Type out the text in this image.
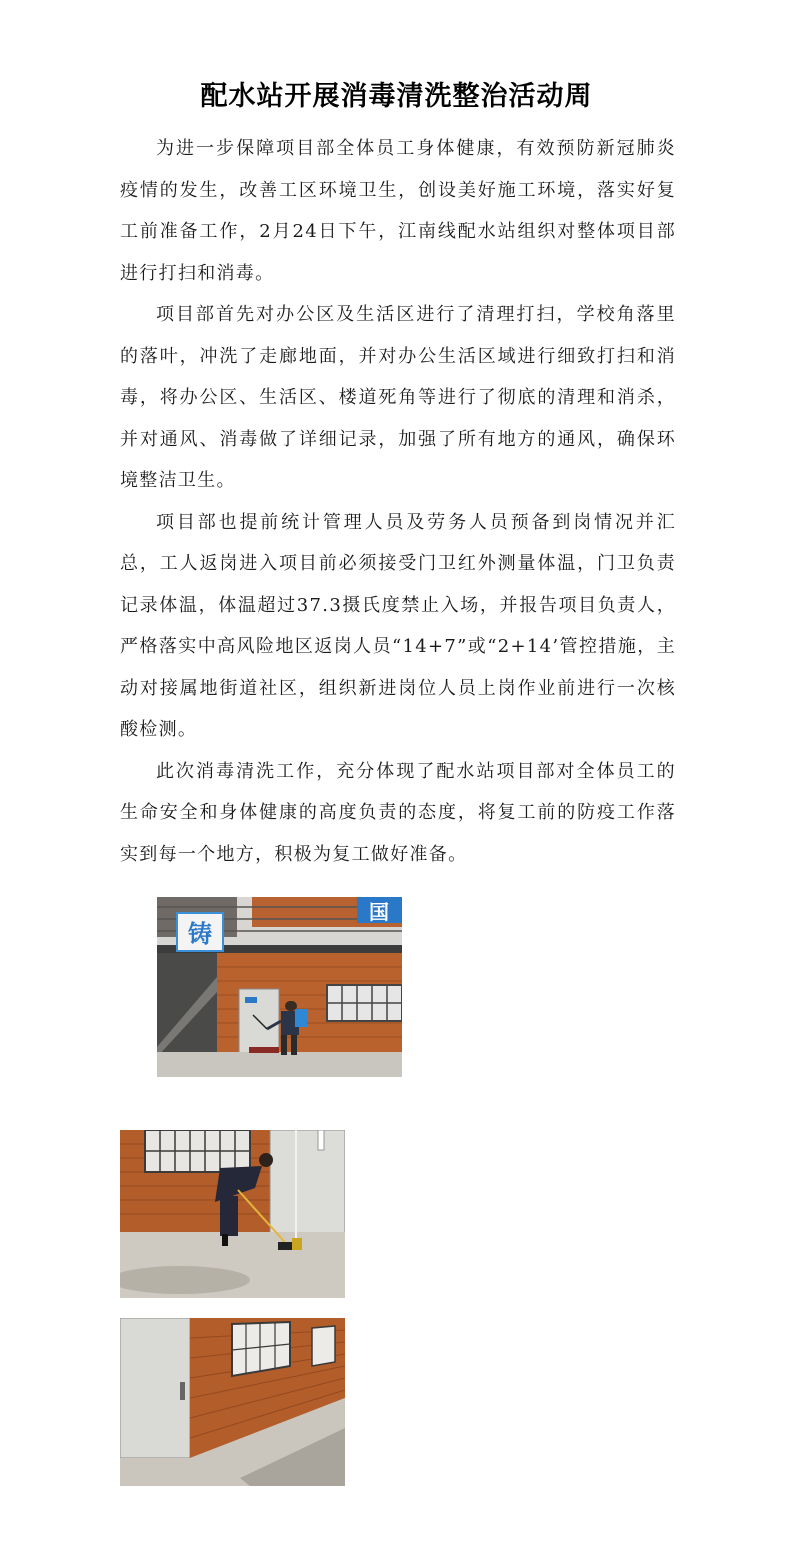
配水站开展消毒清洗整治活动周

为进一步保障项目部全体员工身体健康，有效预防新冠肺炎疫情的发生，改善工区环境卫生，创设美好施工环境，落实好复工前准备工作，2月24日下午，江南线配水站组织对整体项目部进行打扫和消毒。

项目部首先对办公区及生活区进行了清理打扫，学校角落里的落叶，冲洗了走廊地面，并对办公生活区域进行细致打扫和消毒，将办公区、生活区、楼道死角等进行了彻底的清理和消杀，并对通风、消毒做了详细记录，加强了所有地方的通风，确保环境整洁卫生。

项目部也提前统计管理人员及劳务人员预备到岗情况并汇总，工人返岗进入项目前必须接受门卫红外测量体温，门卫负责记录体温，体温超过37.3摄氏度禁止入场，并报告项目负责人，严格落实中高风险地区返岗人员“14+7”或“2+14’管控措施，主动对接属地街道社区，组织新进岗位人员上岗作业前进行一次核酸检测。

此次消毒清洗工作，充分体现了配水站项目部对全体员工的生命安全和身体健康的高度负责的态度，将复工前的防疫工作落实到每一个地方，积极为复工做好准备。

铸
国
